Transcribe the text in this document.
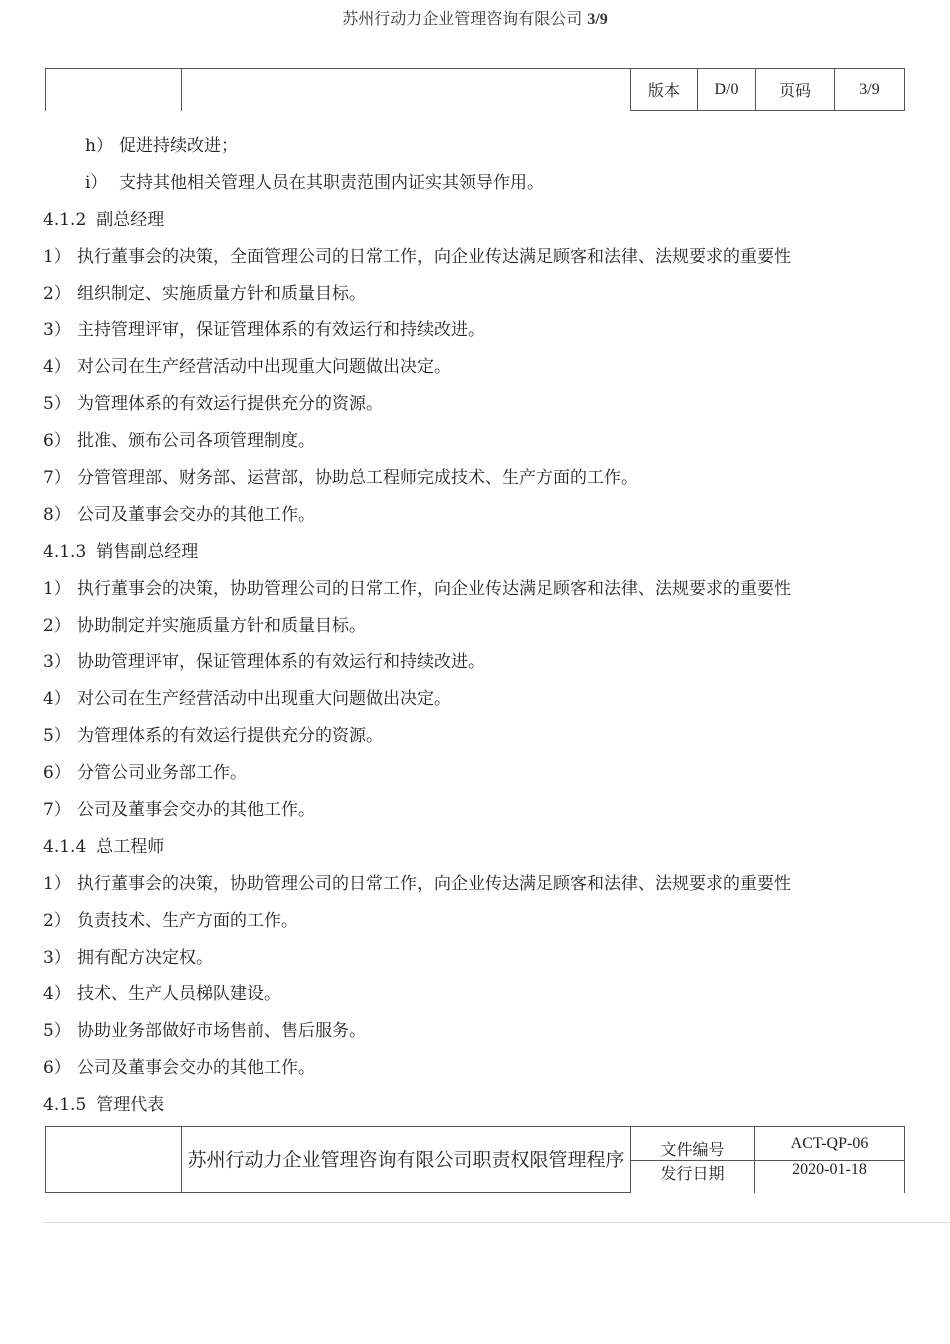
苏州行动力企业管理咨询有限公司 3/9
		版本	D/0	页码	3/9
h） 促进持续改进；
i） 支持其他相关管理人员在其职责范围内证实其领导作用。
4.1.2 副总经理
1） 执行董事会的决策，全面管理公司的日常工作，向企业传达满足顾客和法律、法规要求的重要性
2） 组织制定、实施质量方针和质量目标。
3） 主持管理评审，保证管理体系的有效运行和持续改进。
4） 对公司在生产经营活动中出现重大问题做出决定。
5） 为管理体系的有效运行提供充分的资源。
6） 批准、颁布公司各项管理制度。
7） 分管管理部、财务部、运营部，协助总工程师完成技术、生产方面的工作。
8） 公司及董事会交办的其他工作。
4.1.3 销售副总经理
1） 执行董事会的决策，协助管理公司的日常工作，向企业传达满足顾客和法律、法规要求的重要性
2） 协助制定并实施质量方针和质量目标。
3） 协助管理评审，保证管理体系的有效运行和持续改进。
4） 对公司在生产经营活动中出现重大问题做出决定。
5） 为管理体系的有效运行提供充分的资源。
6） 分管公司业务部工作。
7） 公司及董事会交办的其他工作。
4.1.4 总工程师
1） 执行董事会的决策，协助管理公司的日常工作，向企业传达满足顾客和法律、法规要求的重要性
2） 负责技术、生产方面的工作。
3） 拥有配方决定权。
4） 技术、生产人员梯队建设。
5） 协助业务部做好市场售前、售后服务。
6） 公司及董事会交办的其他工作。
4.1.5 管理代表
	苏州行动力企业管理咨询有限公司职责权限管理程序	文件编号	ACT-QP-06
		发行日期	2020-01-18
